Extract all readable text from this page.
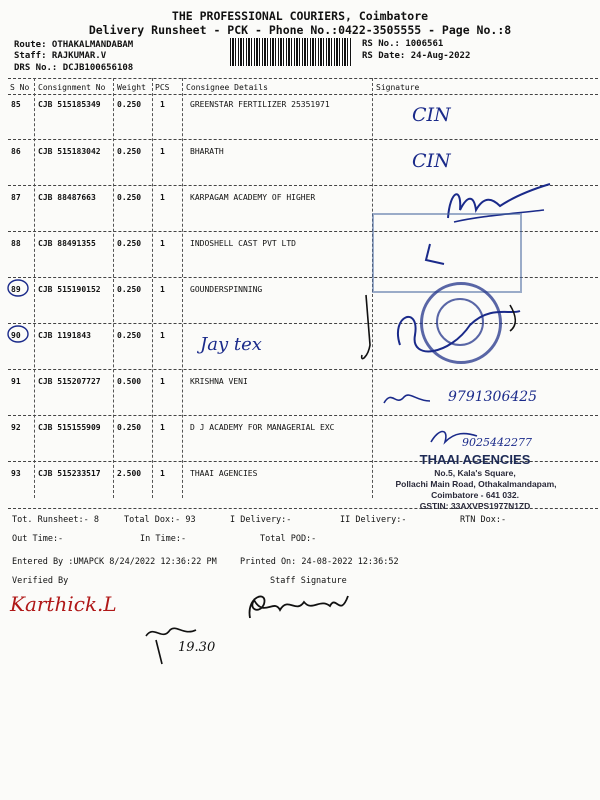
THE PROFESSIONAL COURIERS, Coimbatore
Delivery Runsheet - PCK - Phone No.:0422-3505555 - Page No.:8
Route: OTHAKALMANDABAM
Staff: RAJKUMAR.V
DRS No.: DCJB100656108
RS No.: 1006561
RS Date: 24-Aug-2022
S No Consignment No Weight PCS Consignee Details	Signature
85 CJB 515185349 0.250 1	GREENSTAR FERTILIZER 25351971
86 CJB 515183042 0.250 1	BHARATH
87 CJB 88487663	0.250 1	KARPAGAM ACADEMY OF HIGHER
88 CJB 88491355	0.250 1	INDOSHELL CAST PVT LTD
89 CJB 515190152 0.250 1	GOUNDERSPINNING
90 CJB 1191843	0.250 1
91 CJB 515207727 0.500 1	KRISHNA VENI
92 CJB 515155909 0.250 1	D J ACADEMY FOR MANAGERIAL EXC
93 CJB 515233517 2.500 1	THAAI AGENCIES
CIN
CIN
Jay tex
9791306425
9025442277
THAAI AGENCIES
No.5, Kala's Square,
Pollachi Main Road, Othakalmandapam,
Coimbatore - 641 032.
GSTIN: 33AXVPS1977N1ZD
Tot. Runsheet:- 8	Total Dox:- 93	I Delivery:-	II Delivery:-	RTN Dox:-
Out Time:-	In Time:-	Total POD:-
Entered By :UMAPCK 8/24/2022 12:36:22 PM	Printed On: 24-08-2022 12:36:52
Verified By	Staff Signature
Karthick.L
19.30
